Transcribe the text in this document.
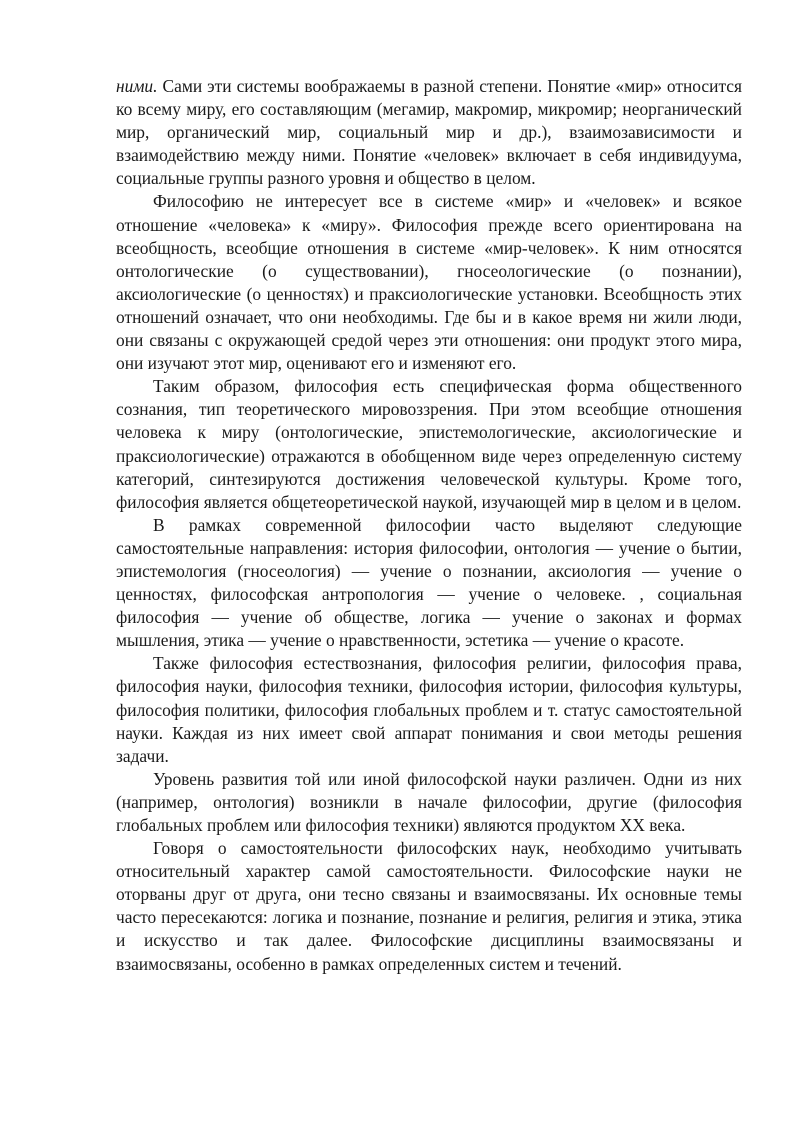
ними. Сами эти системы воображаемы в разной степени. Понятие «мир» относится ко всему миру, его составляющим (мегамир, макромир, микромир; неорганический мир, органический мир, социальный мир и др.), взаимозависимости и взаимодействию между ними. Понятие «человек» включает в себя индивидуума, социальные группы разного уровня и общество в целом.

Философию не интересует все в системе «мир» и «человек» и всякое отношение «человека» к «миру». Философия прежде всего ориентирована на всеобщность, всеобщие отношения в системе «мир-человек». К ним относятся онтологические (о существовании), гносеологические (о познании), аксиологические (о ценностях) и праксиологические установки. Всеобщность этих отношений означает, что они необходимы. Где бы и в какое время ни жили люди, они связаны с окружающей средой через эти отношения: они продукт этого мира, они изучают этот мир, оценивают его и изменяют его.

Таким образом, философия есть специфическая форма общественного сознания, тип теоретического мировоззрения. При этом всеобщие отношения человека к миру (онтологические, эпистемологические, аксиологические и праксиологические) отражаются в обобщенном виде через определенную систему категорий, синтезируются достижения человеческой культуры. Кроме того, философия является общетеоретической наукой, изучающей мир в целом и в целом.

В рамках современной философии часто выделяют следующие самостоятельные направления: история философии, онтология — учение о бытии, эпистемология (гносеология) — учение о познании, аксиология — учение о ценностях, философская антропология — учение о человеке. , социальная философия — учение об обществе, логика — учение о законах и формах мышления, этика — учение о нравственности, эстетика — учение о красоте.

Также философия естествознания, философия религии, философия права, философия науки, философия техники, философия истории, философия культуры, философия политики, философия глобальных проблем и т. статус самостоятельной науки. Каждая из них имеет свой аппарат понимания и свои методы решения задачи.

Уровень развития той или иной философской науки различен. Одни из них (например, онтология) возникли в начале философии, другие (философия глобальных проблем или философия техники) являются продуктом XX века.

Говоря о самостоятельности философских наук, необходимо учитывать относительный характер самой самостоятельности. Философские науки не оторваны друг от друга, они тесно связаны и взаимосвязаны. Их основные темы часто пересекаются: логика и познание, познание и религия, религия и этика, этика и искусство и так далее. Философские дисциплины взаимосвязаны и взаимосвязаны, особенно в рамках определенных систем и течений.
